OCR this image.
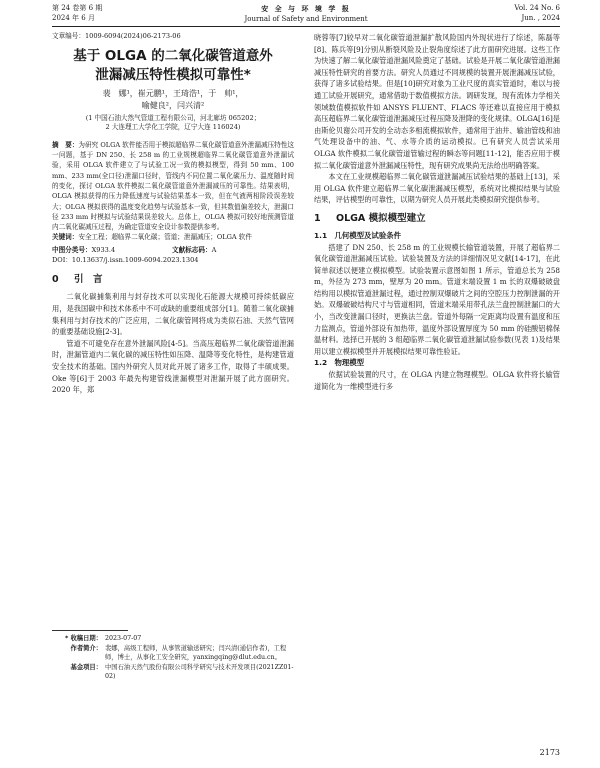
第 24 卷第 6 期
2024 年 6 月
安 全 与 环 境 学 报
Journal of Safety and Environment
Vol. 24 No. 6
Jun. , 2024

文章编号：1009-6094(2024)06-2173-06

基于 OLGA 的二氧化碳管道意外
泄漏减压特性模拟可靠性*

裴　娜¹，崔元鹏¹，王琦浩¹，于　帅¹，
喻健良²，闫兴清²

(1 中国石油大然气管道工程有限公司，河北廊坊 065202；
2 大连理工大学化工学院，辽宁大连 116024)

摘　要：为研究 OLGA 软件能否用于模拟超临界二氧化碳管道意外泄漏减压特性这一问题，基于 DN 250、长 258 m 的工业规模超临界二氧化碳管道意外泄漏试验，采用 OLGA 软件建立了与试验工况一致的模拟模型，得到 50 mm、100 mm、233 mm(全口径)泄漏口径时，管线内不同位置二氧化碳压力、温度随时间的变化，探讨 OLGA 软件模拟二氧化碳管道意外泄漏减压的可靠性。结果表明，OLGA 模拟获得的压力降低速度与试验结果基本一致，但在气液两相阶段误差较大；OLGA 模拟获得的温度变化趋势与试验基本一致，但其数值偏差较大，泄漏口径 233 mm 时模拟与试验结果误差较大。总体上，OLGA 模拟可较好地预测管道内二氧化碳减压过程，为确定管道安全设计参数提供参考。

关键词：安全工程；超临界二氧化碳；管道；泄漏减压；OLGA 软件

中图分类号：X933.4	文献标志码：A

DOI：10.13637/j.issn.1009-6094.2023.1304

0 引　言

二氧化碳捕集利用与封存技术可以实现化石能源大规模可持续低碳应用，是我国碳中和技术体系中不可或缺的重要组成部分[1]。随着二氧化碳捕集利用与封存技术的广泛应用，二氧化碳管网将成为类似石油、天然气管网的重要基础设施[2-3]。

管道不可避免存在意外泄漏风险[4-5]。当高压超临界二氧化碳管道泄漏时，泄漏管道内二氧化碳的减压特性如压降、温降等变化特性，是构建管道安全技术的基础。国内外研究人员对此开展了诸多工作，取得了丰硕成果。Oke 等[6]于 2003 年最先构建管线泄漏模型对泄漏开展了此方面研究。2020 年，郑

* 收稿日期： 2023-07-07
作者简介： 裴娜，高级工程师，从事管道输送研究；闫兴清(通信作者)，工程师，博士，从事化工安全研究，yanxingqing@dlut.edu.cn。
基金项目： 中国石油天然气股份有限公司科学研究与技术开发项目(2021ZZ01-02)

晓蓉等[7]较早对二氧化碳管道泄漏扩散风险国内外现状进行了综述，陈磊等[8]、陈兵等[9]分别从断裂风险及止裂角度综述了此方面研究进展。这些工作为快速了解二氧化碳管道泄漏风险奠定了基础。试验是开展二氧化碳管道泄漏减压特性研究的首要方法。研究人员通过不同规模的装置开展泄漏减压试验，获得了诸多试验结果。但是[10]研究对象为工业尺度的真实管道时，难以与接通工试验开展研究，通常借助于数值模拟方法。调研发现，现有流体力学相关领域数值模拟软件如 ANSYS FLUENT、FLACS 等还难以直接应用于模拟高压超临界二氧化碳管道泄漏减压过程压降及泄降的变化规律。OLGA[16]是由斯伦贝谢公司开发的全动态多相流模拟软件，通常用于油井、输油管线和油气处理设备中的油、气、水等介质的运动模拟。已有研究人员尝试采用 OLGA 软件模拟二氧化碳管道管输过程的瞬态等问题[11-12]，能否应用于模拟二氧化碳管道意外泄漏减压特性，现有研究成果尚无法给出明确答案。

本文在工业规模超临界二氧化碳管道泄漏减压试验结果的基础上[13]，采用 OLGA 软件建立超临界二氧化碳泄漏减压模型，系统对比模拟结果与试验结果，评估模型的可靠性，以期为研究人员开展此类模拟研究提供参考。

1 OLGA 模拟模型建立
1.1　几何模型及试验条件

搭建了 DN 250、长 258 m 的工业规模长输管道装置，开展了超临界二氧化碳管道泄漏减压试验。试验装置及方法的详细情况见文献[14-17]，在此简单叙述以便建立模拟模型。试验装置示意图如图 1 所示，管道总长为 258 m，外径为 273 mm，壁厚为 20 mm。管道末端设置 1 m 长的双爆破破盘结构用以模拟管道泄漏过程，通过控制双爆破片之间的空腔压力控制泄漏的开始。双爆破破结构尺寸与管道相同，管道末端采用带孔法兰盘控制泄漏口的大小，当改变泄漏口径时，更换法兰盘。管道外每隔一定距离均设置有温度和压力监测点，管道外部设有加热带，温度外部设置厚度为 50 mm 的硅酸铝棉保温材料。选择已开展的 3 组超临界二氧化碳管道泄漏试验参数(见表 1)及结果用以建立模拟模型并开展模拟结果可靠性验证。

1.2　物理模型

依据试验装置的尺寸，在 OLGA 内建立物理模型。OLGA 软件将长输管道简化为一维模型进行多

2173
